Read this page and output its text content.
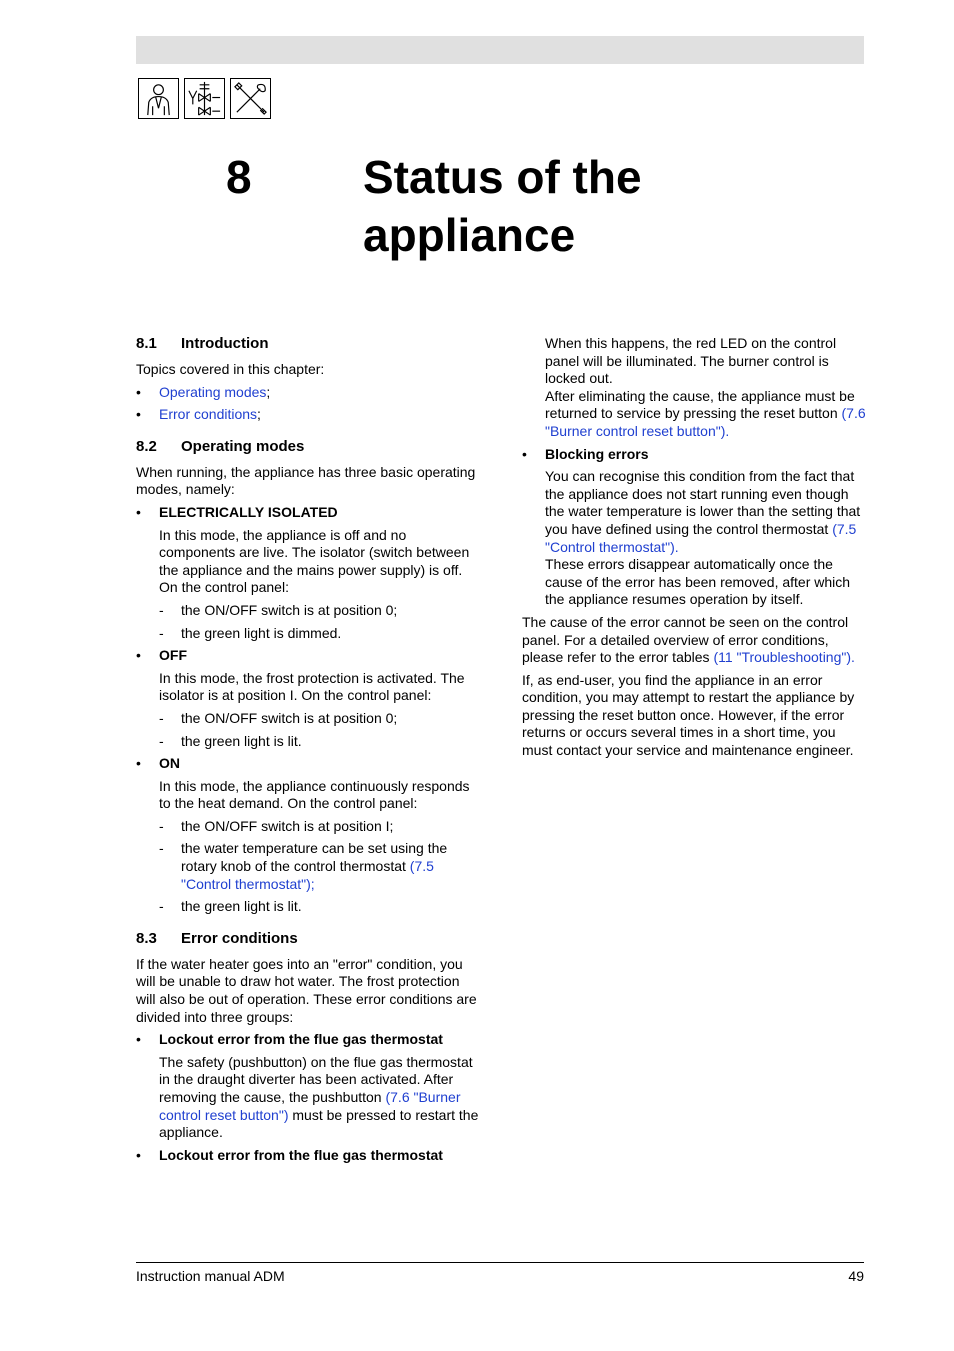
8 Status of the appliance
8.1	Introduction

Topics covered in this chapter:

•	Operating modes;
•	Error conditions;
8.2	Operating modes

When running, the appliance has three basic operating modes, namely:

•	ELECTRICALLY ISOLATED

In this mode, the appliance is off and no components are live. The isolator (switch between the appliance and the mains power supply) is off. On the control panel:

-	the ON/OFF switch is at position 0;
-	the green light is dimmed.
•	OFF

In this mode, the frost protection is activated. The isolator is at position I. On the control panel:

-	the ON/OFF switch is at position 0;
-	the green light is lit.
•	ON

In this mode, the appliance continuously responds to the heat demand. On the control panel:

-	the ON/OFF switch is at position I;
-	the water temperature can be set using the rotary knob of the control thermostat (7.5 "Control thermostat");
-	the green light is lit.
8.3	Error conditions

If the water heater goes into an "error" condition, you will be unable to draw hot water. The frost protection will also be out of operation. These error conditions are divided into three groups:

•	Lockout error from the flue gas thermostat

The safety (pushbutton) on the flue gas thermostat in the draught diverter has been activated. After removing the cause, the pushbutton (7.6 "Burner control reset button") must be pressed to restart the appliance.

•	Lockout error from the flue gas thermostat

When this happens, the red LED on the control panel will be illuminated. The burner control is locked out.

After eliminating the cause, the appliance must be returned to service by pressing the reset button (7.6 "Burner control reset button").

•	Blocking errors

You can recognise this condition from the fact that the appliance does not start running even though the water temperature is lower than the setting that you have defined using the control thermostat (7.5 "Control thermostat").

These errors disappear automatically once the cause of the error has been removed, after which the appliance resumes operation by itself.

The cause of the error cannot be seen on the control panel. For a detailed overview of error conditions, please refer to the error tables (11 "Troubleshooting").

If, as end-user, you find the appliance in an error condition, you may attempt to restart the appliance by pressing the reset button once. However, if the error returns or occurs several times in a short time, you must contact your service and maintenance engineer.

Instruction manual ADM	49
